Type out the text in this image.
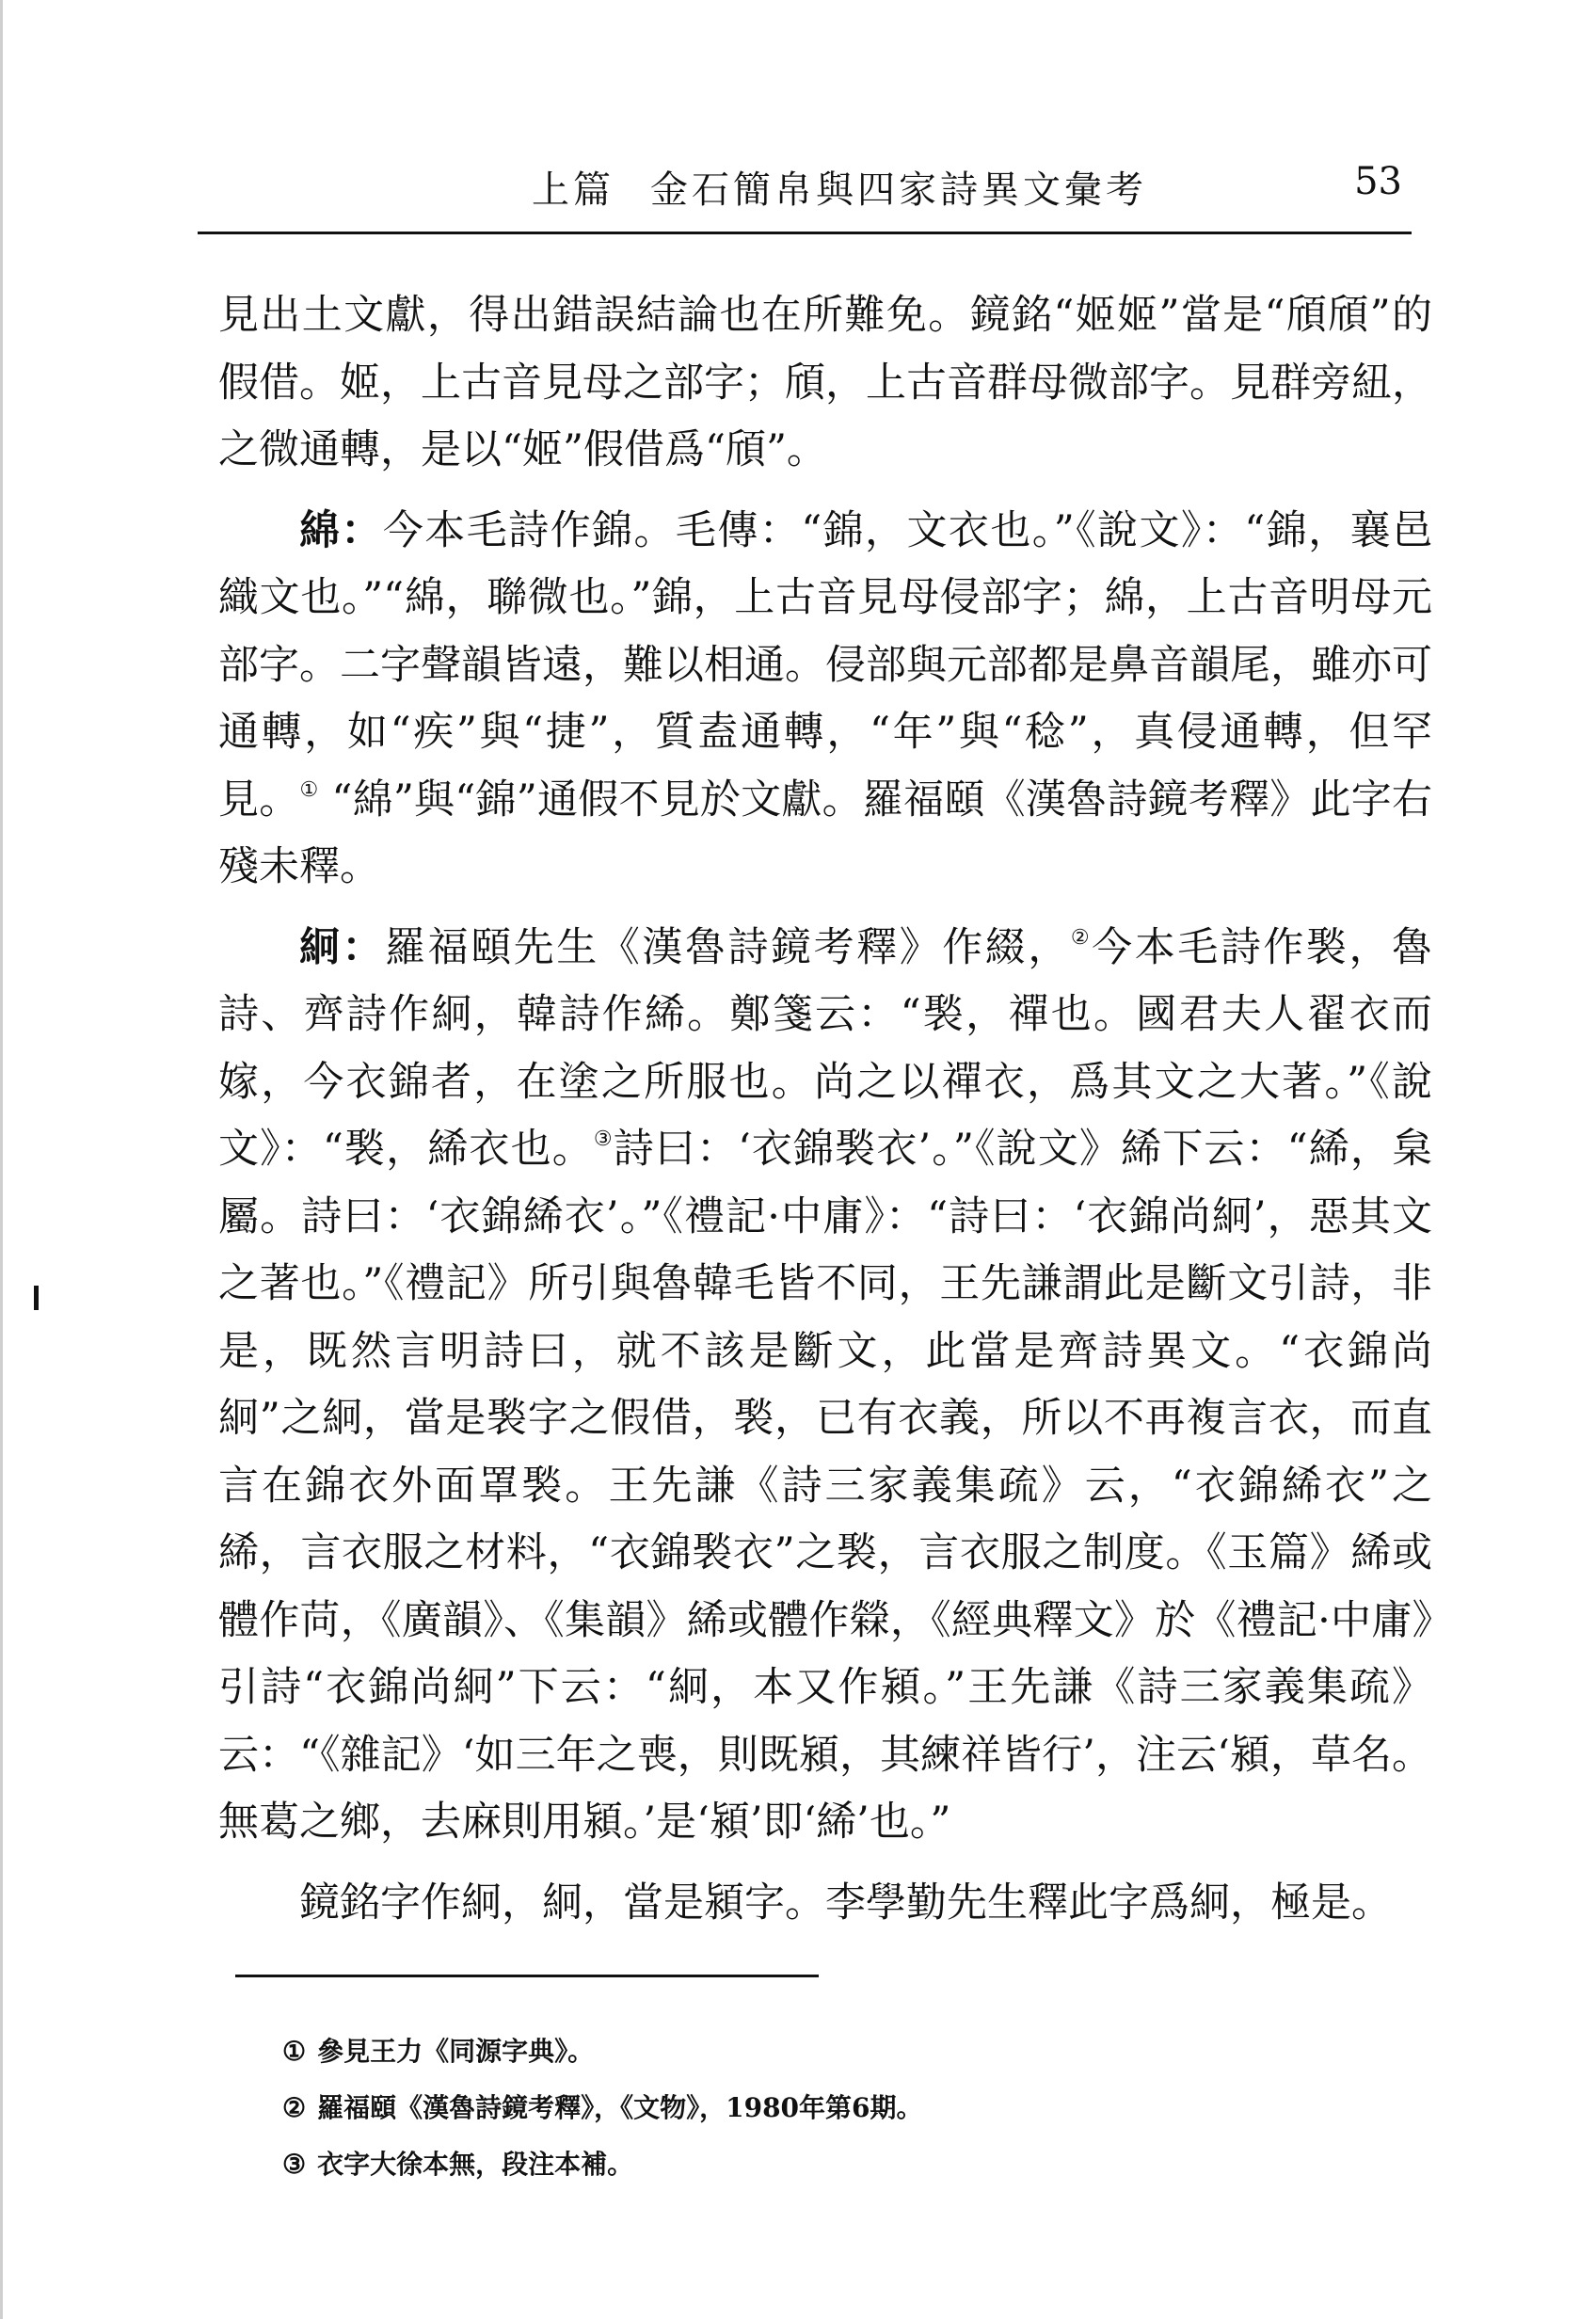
上篇 金石簡帛與四家詩異文彙考	53

見出土文獻，得出錯誤結論也在所難免。鏡銘“姬姬”當是“頎頎”的假借。姬，上古音見母之部字；頎，上古音群母微部字。見群旁紐，之微通轉，是以“姬”假借爲“頎”。

綿：今本毛詩作錦。毛傳：“錦，文衣也。”《說文》：“錦，襄邑織文也。”“綿，聯微也。”錦，上古音見母侵部字；綿，上古音明母元部字。二字聲韻皆遠，難以相通。侵部與元部都是鼻音韻尾，雖亦可通轉，如“疾”與“捷”，質盍通轉，“年”與“稔”，真侵通轉，但罕見。① “綿”與“錦”通假不見於文獻。羅福頤《漢魯詩鏡考釋》此字右殘未釋。

絅：羅福頤先生《漢魯詩鏡考釋》作綴，②今本毛詩作褧，魯詩、齊詩作絅，韓詩作絺。鄭箋云：“褧，禪也。國君夫人翟衣而嫁，今衣錦者，在塗之所服也。尚之以禪衣，爲其文之大著。”《說文》：“褧，絺衣也。③詩曰：‘衣錦褧衣’。”《說文》絺下云：“絺，枲屬。詩曰：‘衣錦絺衣’。”《禮記·中庸》：“詩曰：‘衣錦尚絅’，惡其文之著也。”《禮記》所引與魯韓毛皆不同，王先謙謂此是斷文引詩，非是，既然言明詩曰，就不該是斷文，此當是齊詩異文。“衣錦尚絅”之絅，當是褧字之假借，褧，已有衣義，所以不再複言衣，而直言在錦衣外面罩褧。王先謙《詩三家義集疏》云，“衣錦絺衣”之絺，言衣服之材料，“衣錦褧衣”之褧，言衣服之制度。《玉篇》絺或體作苘，《廣韻》、《集韻》絺或體作檾，《經典釋文》於《禮記·中庸》引詩“衣錦尚絅”下云：“絅，本又作潁。”王先謙《詩三家義集疏》云：“《雜記》‘如三年之喪，則既潁，其練祥皆行’，注云‘潁，草名。無葛之鄉，去麻則用潁。’是‘潁’即‘絺’也。”

鏡銘字作絅，絅，當是潁字。李學勤先生釋此字爲絅，極是。

① 參見王力《同源字典》。

② 羅福頤《漢魯詩鏡考釋》，《文物》，1980年第6期。

③ 衣字大徐本無，段注本補。
